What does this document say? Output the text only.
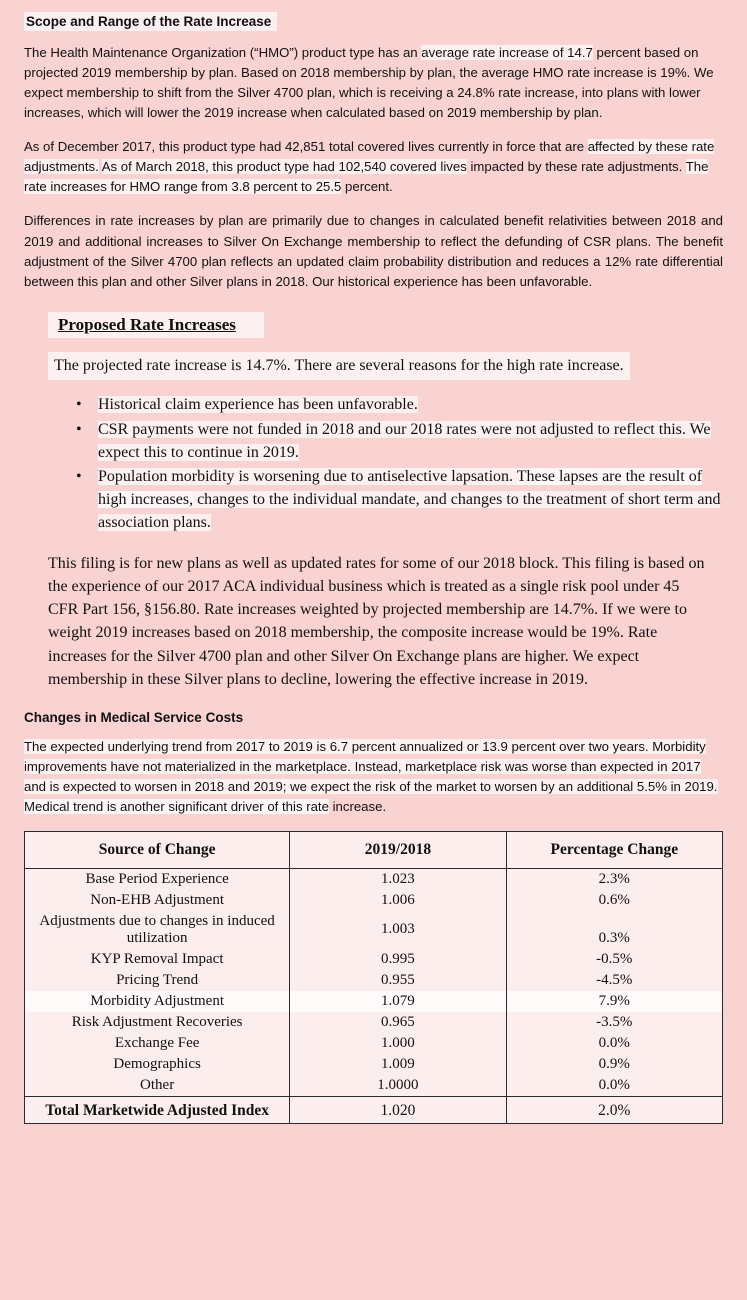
Scope and Range of the Rate Increase

The Health Maintenance Organization (“HMO”) product type has an average rate increase of 14.7 percent based on projected 2019 membership by plan. Based on 2018 membership by plan, the average HMO rate increase is 19%. We expect membership to shift from the Silver 4700 plan, which is receiving a 24.8% rate increase, into plans with lower increases, which will lower the 2019 increase when calculated based on 2019 membership by plan.

As of December 2017, this product type had 42,851 total covered lives currently in force that are affected by these rate adjustments. As of March 2018, this product type had 102,540 covered lives impacted by these rate adjustments. The rate increases for HMO range from 3.8 percent to 25.5 percent.

Differences in rate increases by plan are primarily due to changes in calculated benefit relativities between 2018 and 2019 and additional increases to Silver On Exchange membership to reflect the defunding of CSR plans. The benefit adjustment of the Silver 4700 plan reflects an updated claim probability distribution and reduces a 12% rate differential between this plan and other Silver plans in 2018. Our historical experience has been unfavorable.

Proposed Rate Increases
The projected rate increase is 14.7%. There are several reasons for the high rate increase.
• Historical claim experience has been unfavorable.
• CSR payments were not funded in 2018 and our 2018 rates were not adjusted to reflect this. We expect this to continue in 2019.
• Population morbidity is worsening due to antiselective lapsation. These lapses are the result of high increases, changes to the individual mandate, and changes to the treatment of short term and association plans.

This filing is for new plans as well as updated rates for some of our 2018 block. This filing is based on the experience of our 2017 ACA individual business which is treated as a single risk pool under 45 CFR Part 156, §156.80. Rate increases weighted by projected membership are 14.7%. If we were to weight 2019 increases based on 2018 membership, the composite increase would be 19%. Rate increases for the Silver 4700 plan and other Silver On Exchange plans are higher. We expect membership in these Silver plans to decline, lowering the effective increase in 2019.

Changes in Medical Service Costs

The expected underlying trend from 2017 to 2019 is 6.7 percent annualized or 13.9 percent over two years. Morbidity improvements have not materialized in the marketplace. Instead, marketplace risk was worse than expected in 2017 and is expected to worsen in 2018 and 2019; we expect the risk of the market to worsen by an additional 5.5% in 2019. Medical trend is another significant driver of this rate increase.

Source of Change	2019/2018	Percentage Change
Base Period Experience	1.023	2.3%
Non-EHB Adjustment	1.006	0.6%
Adjustments due to changes in induced utilization	1.003	0.3%
KYP Removal Impact	0.995	-0.5%
Pricing Trend	0.955	-4.5%
Morbidity Adjustment	1.079	7.9%
Risk Adjustment Recoveries	0.965	-3.5%
Exchange Fee	1.000	0.0%
Demographics	1.009	0.9%
Other	1.0000	0.0%
Total Marketwide Adjusted Index	1.020	2.0%
